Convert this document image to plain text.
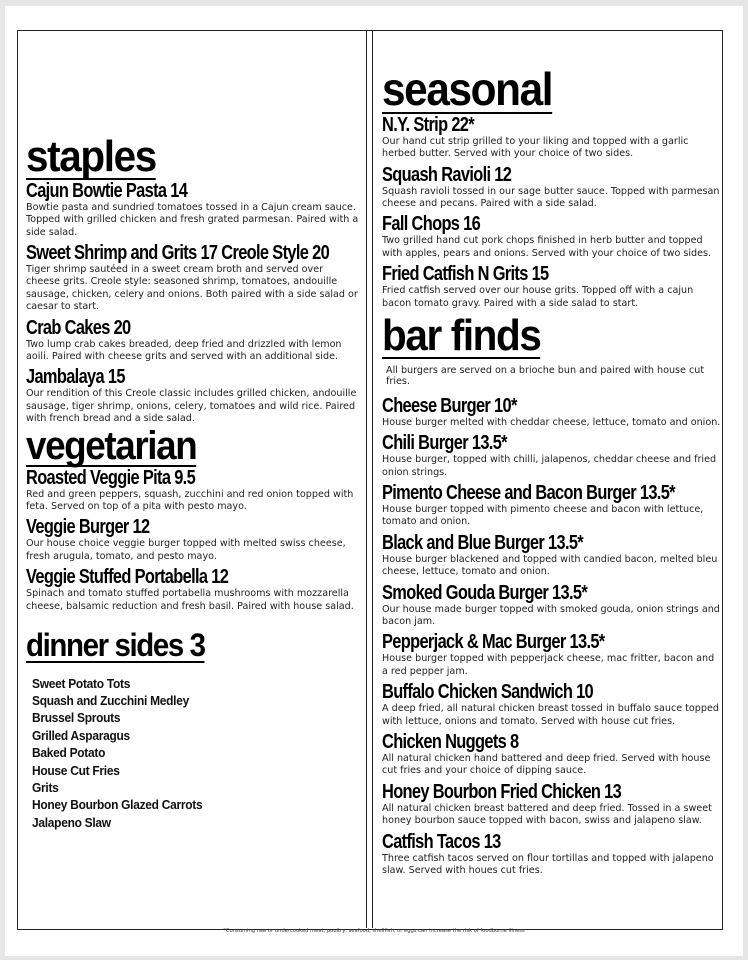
staples
Cajun Bowtie Pasta 14
Bowtie pasta and sundried tomatoes tossed in a Cajun cream sauce. Topped with grilled chicken and fresh grated parmesan. Paired with a side salad.
Sweet Shrimp and Grits 17 Creole Style 20
Tiger shrimp sautéed in a sweet cream broth and served over cheese grits. Creole style: seasoned shrimp, tomatoes, andouille sausage, chicken, celery and onions. Both paired with a side salad or caesar to start.
Crab Cakes 20
Two lump crab cakes breaded, deep fried and drizzled with lemon aoili. Paired with cheese grits and served with an additional side.
Jambalaya 15
Our rendition of this Creole classic includes grilled chicken, andouille sausage, tiger shrimp, onions, celery, tomatoes and wild rice. Paired with french bread and a side salad.
vegetarian
Roasted Veggie Pita 9.5
Red and green peppers, squash, zucchini and red onion topped with feta. Served on top of a pita with pesto mayo.
Veggie Burger 12
Our house choice veggie burger topped with melted swiss cheese, fresh arugula, tomato, and pesto mayo.
Veggie Stuffed Portabella 12
Spinach and tomato stuffed portabella mushrooms with mozzarella cheese, balsamic reduction and fresh basil. Paired with house salad.
dinner sides 3
Sweet Potato Tots
Squash and Zucchini Medley
Brussel Sprouts
Grilled Asparagus
Baked Potato
House Cut Fries
Grits
Honey Bourbon Glazed Carrots
Jalapeno Slaw
seasonal
N.Y. Strip 22*
Our hand cut strip grilled to your liking and topped with a garlic herbed butter. Served with your choice of two sides.
Squash Ravioli 12
Squash ravioli tossed in our sage butter sauce. Topped with parmesan cheese and pecans. Paired with a side salad.
Fall Chops 16
Two grilled hand cut pork chops finished in herb butter and topped with apples, pears and onions. Served with your choice of two sides.
Fried Catfish N Grits 15
Fried catfish served over our house grits. Topped off with a cajun bacon tomato gravy. Paired with a side salad to start.
bar finds
All burgers are served on a brioche bun and paired with house cut fries.
Cheese Burger 10*
House burger melted with cheddar cheese, lettuce, tomato and onion.
Chili Burger 13.5*
House burger, topped with chilli, jalapenos, cheddar cheese and fried onion strings.
Pimento Cheese and Bacon Burger 13.5*
House burger topped with pimento cheese and bacon with lettuce, tomato and onion.
Black and Blue Burger 13.5*
House burger blackened and topped with candied bacon, melted bleu cheese, lettuce, tomato and onion.
Smoked Gouda Burger 13.5*
Our house made burger topped with smoked gouda, onion strings and bacon jam.
Pepperjack & Mac Burger 13.5*
House burger topped with pepperjack cheese, mac fritter, bacon and a red pepper jam.
Buffalo Chicken Sandwich 10
A deep fried, all natural chicken breast tossed in buffalo sauce topped with lettuce, onions and tomato. Served with house cut fries.
Chicken Nuggets 8
All natural chicken hand battered and deep fried. Served with house cut fries and your choice of dipping sauce.
Honey Bourbon Fried Chicken 13
All natural chicken breast battered and deep fried. Tossed in a sweet honey bourbon sauce topped with bacon, swiss and jalapeno slaw.
Catfish Tacos 13
Three catfish tacos served on flour tortillas and topped with jalapeno slaw. Served with houes cut fries.
*Consuming raw or undercooked meat, poultry, seafood, shellfish, or eggs can increase the risk of foodborne illness
